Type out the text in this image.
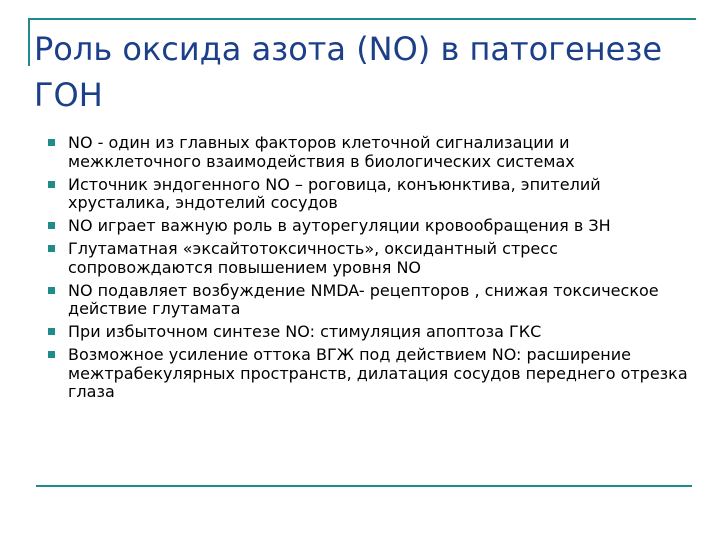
Роль оксида азота (NO) в патогенезе ГОН
NO - один из главных факторов клеточной сигнализации и межклеточного взаимодействия в биологических системах
Источник эндогенного NO – роговица, конъюнктива, эпителий хрусталика, эндотелий сосудов
NO играет важную роль в ауторегуляции кровообращения в ЗН
Глутаматная «эксайтотоксичность», оксидантный стресс сопровождаются повышением уровня NO
NO подавляет возбуждение NMDA- рецепторов , снижая токсическое действие глутамата
При избыточном синтезе NO: стимуляция апоптоза ГКС
Возможное усиление оттока ВГЖ под действием NO: расширение межтрабекулярных пространств, дилатация сосудов переднего отрезка глаза
